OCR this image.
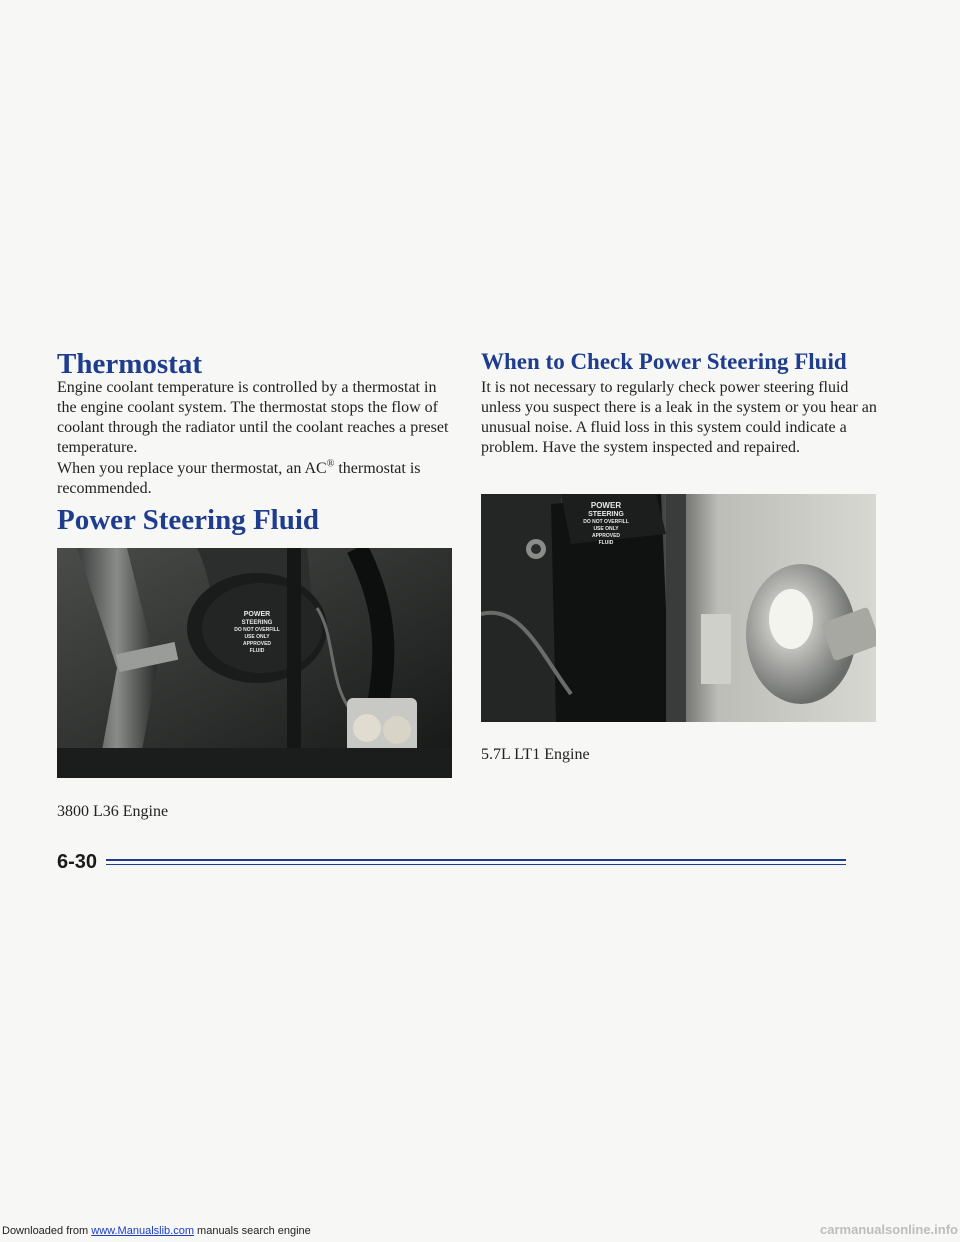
Thermostat

Engine coolant temperature is controlled by a thermostat in the engine coolant system. The thermostat stops the flow of coolant through the radiator until the coolant reaches a preset temperature.

When you replace your thermostat, an AC® thermostat is recommended.

Power Steering Fluid
POWER
STEERING
DO NOT OVERFILL
USE ONLY
APPROVED
FLUID

3800 L36 Engine

When to Check Power Steering Fluid

It is not necessary to regularly check power steering fluid unless you suspect there is a leak in the system or you hear an unusual noise. A fluid loss in this system could indicate a problem. Have the system inspected and repaired.

POWER
STEERING
DO NOT OVERFILL
USE ONLY
APPROVED
FLUID

5.7L LT1 Engine

6-30
Downloaded from www.Manualslib.com manuals search engine	carmanualsonline.info
